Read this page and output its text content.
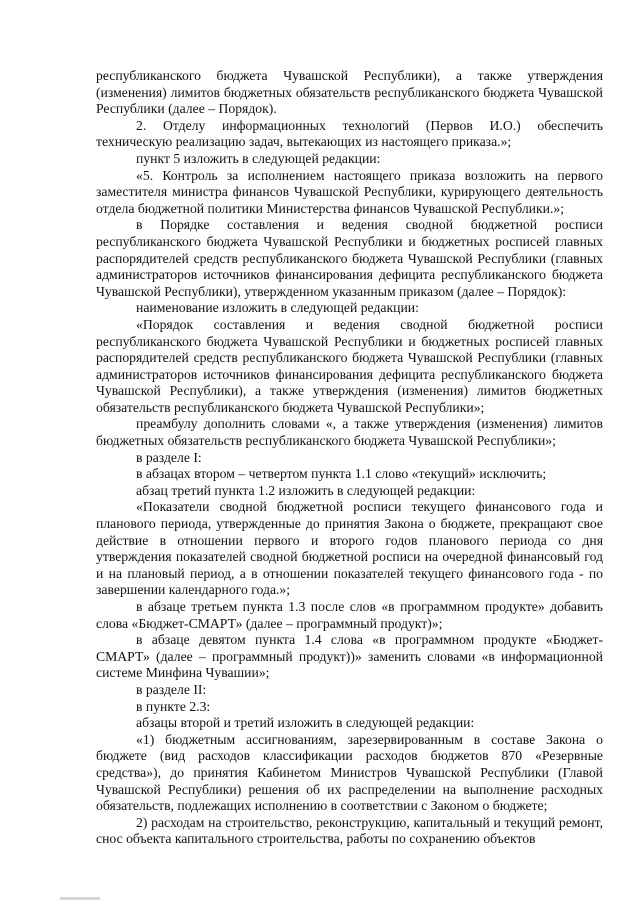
республиканского бюджета Чувашской Республики), а также утверждения (изменения) лимитов бюджетных обязательств республиканского бюджета Чувашской Республики (далее – Порядок).

2. Отделу информационных технологий (Первов И.О.) обеспечить техническую реализацию задач, вытекающих из настоящего приказа.»;

пункт 5 изложить в следующей редакции:

«5. Контроль за исполнением настоящего приказа возложить на первого заместителя министра финансов Чувашской Республики, курирующего деятельность отдела бюджетной политики Министерства финансов Чувашской Республики.»;

в Порядке составления и ведения сводной бюджетной росписи республиканского бюджета Чувашской Республики и бюджетных росписей главных распорядителей средств республиканского бюджета Чувашской Республики (главных администраторов источников финансирования дефицита республиканского бюджета Чувашской Республики), утвержденном указанным приказом (далее – Порядок):

наименование изложить в следующей редакции:

«Порядок составления и ведения сводной бюджетной росписи республиканского бюджета Чувашской Республики и бюджетных росписей главных распорядителей средств республиканского бюджета Чувашской Республики (главных администраторов источников финансирования дефицита республиканского бюджета Чувашской Республики), а также утверждения (изменения) лимитов бюджетных обязательств республиканского бюджета Чувашской Республики»;

преамбулу дополнить словами «, а также утверждения (изменения) лимитов бюджетных обязательств республиканского бюджета Чувашской Республики»;

в разделе I:

в абзацах втором – четвертом пункта 1.1 слово «текущий» исключить;

абзац третий пункта 1.2 изложить в следующей редакции:

«Показатели сводной бюджетной росписи текущего финансового года и планового периода, утвержденные до принятия Закона о бюджете, прекращают свое действие в отношении первого и второго годов планового периода со дня утверждения показателей сводной бюджетной росписи на очередной финансовый год и на плановый период, а в отношении показателей текущего финансового года - по завершении календарного года.»;

в абзаце третьем пункта 1.3 после слов «в программном продукте» добавить слова «Бюджет-СМАРТ» (далее – программный продукт)»;

в абзаце девятом пункта 1.4 слова «в программном продукте «Бюджет-СМАРТ» (далее – программный продукт))» заменить словами «в информационной системе Минфина Чувашии»;

в разделе II:

в пункте 2.3:

абзацы второй и третий изложить в следующей редакции:

«1) бюджетным ассигнованиям, зарезервированным в составе Закона о бюджете (вид расходов классификации расходов бюджетов 870 «Резервные средства»), до принятия Кабинетом Министров Чувашской Республики (Главой Чувашской Республики) решения об их распределении на выполнение расходных обязательств, подлежащих исполнению в соответствии с Законом о бюджете;

2) расходам на строительство, реконструкцию, капитальный и текущий ремонт, снос объекта капитального строительства, работы по сохранению объектов
